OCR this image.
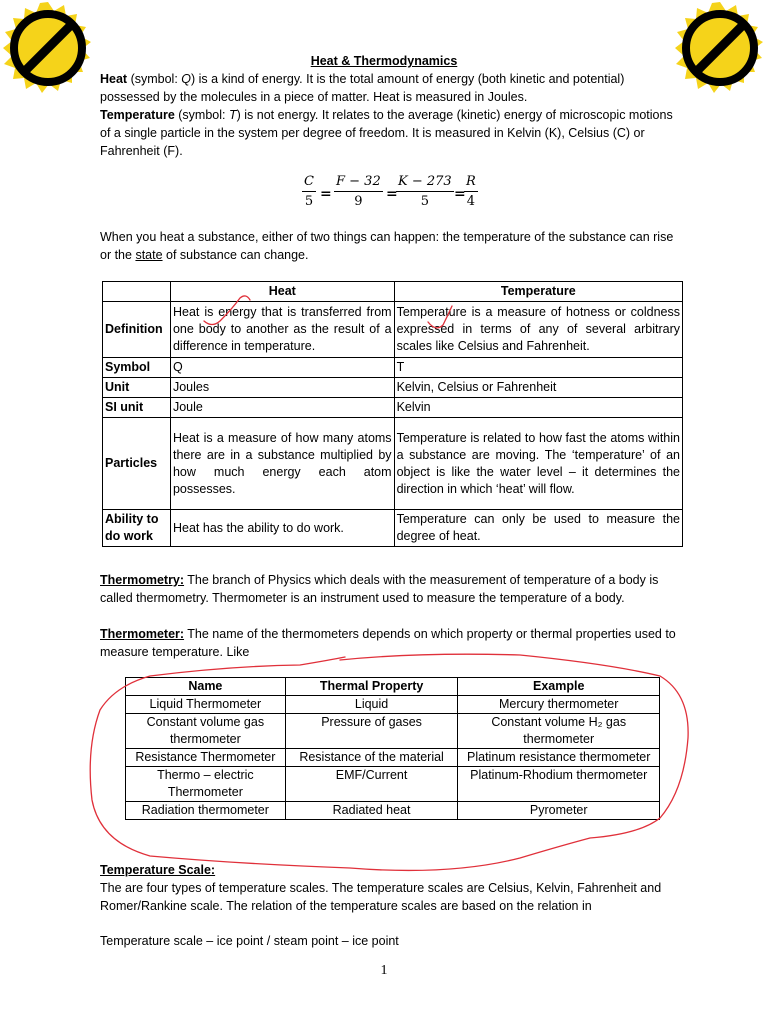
Heat & Thermodynamics
Heat (symbol: Q) is a kind of energy. It is the total amount of energy (both kinetic and potential) possessed by the molecules in a piece of matter. Heat is measured in Joules.
Temperature (symbol: T) is not energy. It relates to the average (kinetic) energy of microscopic motions of a single particle in the system per degree of freedom. It is measured in Kelvin (K), Celsius (C) or Fahrenheit (F).
C
5 =
F − 32
9	=
K − 273
5	=
R
4
When you heat a substance, either of two things can happen: the temperature of the substance can rise or the state of substance can change.
	Heat	Temperature
Definition	Heat is energy that is transferred from one body to another as the result of a difference in temperature.	Temperature is a measure of hotness or coldness expressed in terms of any of several arbitrary scales like Celsius and Fahrenheit.
Symbol	Q	T
Unit	Joules	Kelvin, Celsius or Fahrenheit
SI unit	Joule	Kelvin
Particles	Heat is a measure of how many atoms there are in a substance multiplied by how much energy each atom possesses.	Temperature is related to how fast the atoms within a substance are moving. The ‘temperature’ of an object is like the water level – it determines the direction in which ‘heat’ will flow.
Ability to do work	Heat has the ability to do work.	Temperature can only be used to measure the degree of heat.
Thermometry: The branch of Physics which deals with the measurement of temperature of a body is called thermometry. Thermometer is an instrument used to measure the temperature of a body.
Thermometer: The name of the thermometers depends on which property or thermal properties used to measure temperature. Like
Name	Thermal Property	Example
Liquid Thermometer	Liquid	Mercury thermometer
Constant volume gas thermometer	Pressure of gases	Constant volume H₂ gas thermometer
Resistance Thermometer	Resistance of the material	Platinum resistance thermometer
Thermo – electric Thermometer	EMF/Current	Platinum-Rhodium thermometer
Radiation thermometer	Radiated heat	Pyrometer
Temperature Scale:
The are four types of temperature scales. The temperature scales are Celsius, Kelvin, Fahrenheit and Romer/Rankine scale. The relation of the temperature scales are based on the relation in
Temperature scale – ice point / steam point – ice point
1
